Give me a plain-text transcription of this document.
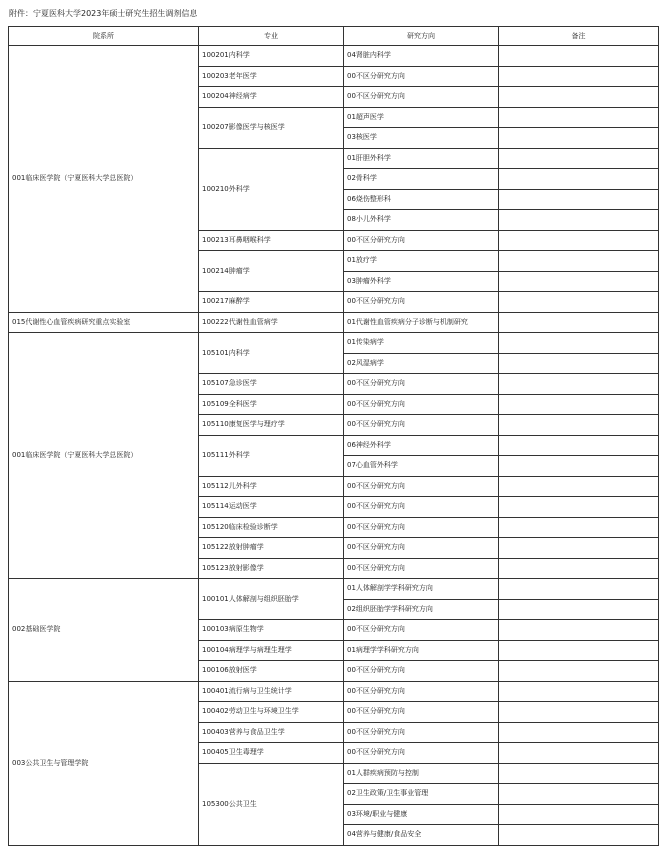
附件：宁夏医科大学2023年硕士研究生招生调剂信息
院系所	专业	研究方向	备注
001临床医学院（宁夏医科大学总医院）	100201内科学	04肾脏内科学	
	100203老年医学	00不区分研究方向	
	100204神经病学	00不区分研究方向	
	100207影像医学与核医学	01超声医学	
		03核医学	
	100210外科学	01肝胆外科学	
		02骨科学	
		06烧伤整形科	
		08小儿外科学	
	100213耳鼻咽喉科学	00不区分研究方向	
	100214肿瘤学	01放疗学	
		03肿瘤外科学	
	100217麻醉学	00不区分研究方向	
015代谢性心血管疾病研究重点实验室	100222代谢性血管病学	01代谢性血管疾病分子诊断与机制研究	
001临床医学院（宁夏医科大学总医院）	105101内科学	01传染病学	
		02风湿病学	
	105107急诊医学	00不区分研究方向	
	105109全科医学	00不区分研究方向	
	105110康复医学与理疗学	00不区分研究方向	
	105111外科学	06神经外科学	
		07心血管外科学	
	105112儿外科学	00不区分研究方向	
	105114运动医学	00不区分研究方向	
	105120临床检验诊断学	00不区分研究方向	
	105122放射肿瘤学	00不区分研究方向	
	105123放射影像学	00不区分研究方向	
002基础医学院	100101人体解剖与组织胚胎学	01人体解剖学学科研究方向	
		02组织胚胎学学科研究方向	
	100103病原生物学	00不区分研究方向	
	100104病理学与病理生理学	01病理学学科研究方向	
	100106放射医学	00不区分研究方向	
003公共卫生与管理学院	100401流行病与卫生统计学	00不区分研究方向	
	100402劳动卫生与环境卫生学	00不区分研究方向	
	100403营养与食品卫生学	00不区分研究方向	
	100405卫生毒理学	00不区分研究方向	
	105300公共卫生	01人群疾病预防与控制	
		02卫生政策/卫生事业管理	
		03环境/职业与健康	
		04营养与健康/食品安全	
